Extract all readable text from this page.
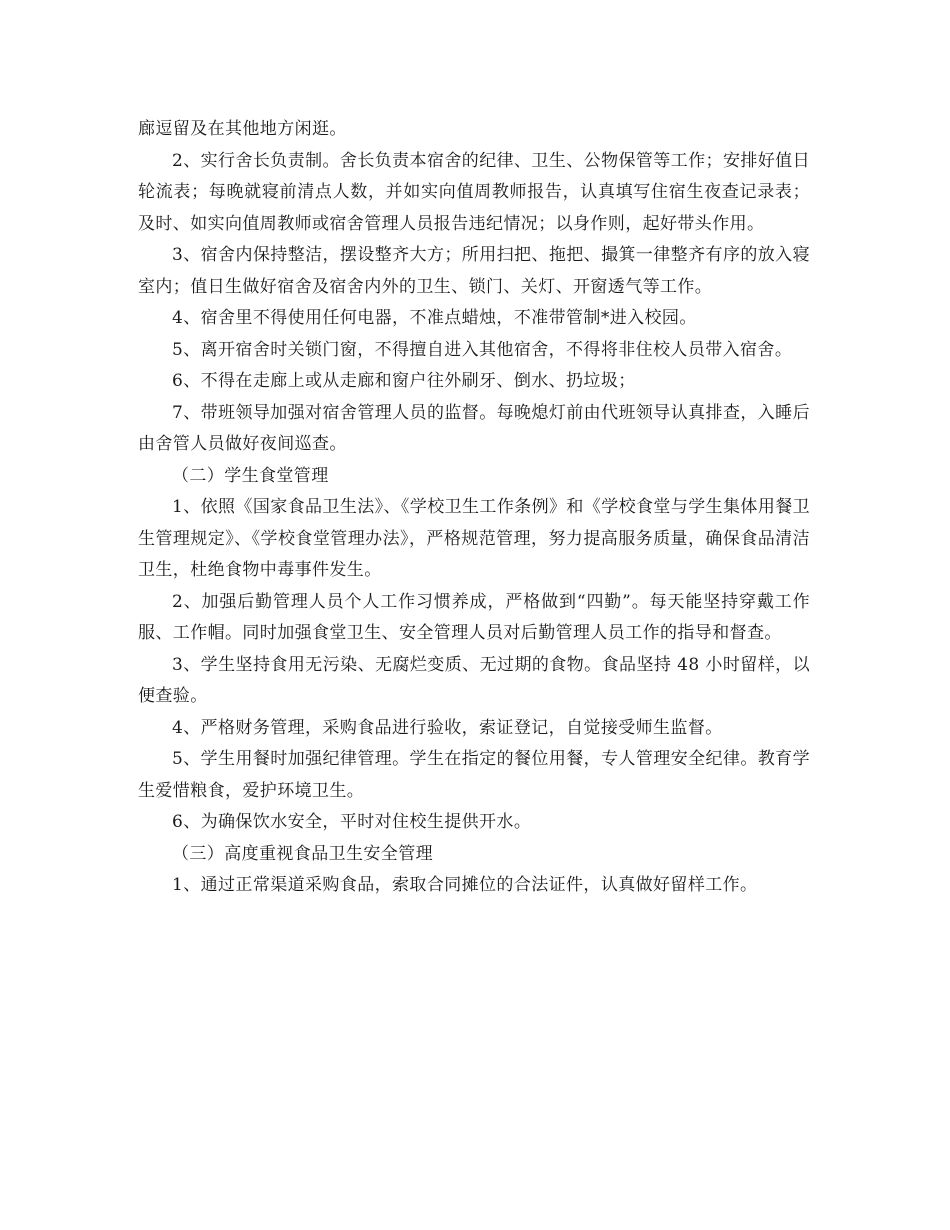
廊逗留及在其他地方闲逛。

2、实行舍长负责制。舍长负责本宿舍的纪律、卫生、公物保管等工作；安排好值日轮流表；每晚就寝前清点人数，并如实向值周教师报告，认真填写住宿生夜查记录表；及时、如实向值周教师或宿舍管理人员报告违纪情况；以身作则，起好带头作用。

3、宿舍内保持整洁，摆设整齐大方；所用扫把、拖把、撮箕一律整齐有序的放入寝室内；值日生做好宿舍及宿舍内外的卫生、锁门、关灯、开窗透气等工作。

4、宿舍里不得使用任何电器，不准点蜡烛，不准带管制*进入校园。

5、离开宿舍时关锁门窗，不得擅自进入其他宿舍，不得将非住校人员带入宿舍。

6、不得在走廊上或从走廊和窗户往外刷牙、倒水、扔垃圾；

7、带班领导加强对宿舍管理人员的监督。每晚熄灯前由代班领导认真排查，入睡后由舍管人员做好夜间巡查。

（二）学生食堂管理

1、依照《国家食品卫生法》、《学校卫生工作条例》和《学校食堂与学生集体用餐卫生管理规定》、《学校食堂管理办法》，严格规范管理，努力提高服务质量，确保食品清洁卫生，杜绝食物中毒事件发生。

2、加强后勤管理人员个人工作习惯养成，严格做到“四勤”。每天能坚持穿戴工作服、工作帽。同时加强食堂卫生、安全管理人员对后勤管理人员工作的指导和督查。

3、学生坚持食用无污染、无腐烂变质、无过期的食物。食品坚持 48 小时留样，以便查验。

4、严格财务管理，采购食品进行验收，索证登记，自觉接受师生监督。

5、学生用餐时加强纪律管理。学生在指定的餐位用餐，专人管理安全纪律。教育学生爱惜粮食，爱护环境卫生。

6、为确保饮水安全，平时对住校生提供开水。

（三）高度重视食品卫生安全管理

1、通过正常渠道采购食品，索取合同摊位的合法证件，认真做好留样工作。
